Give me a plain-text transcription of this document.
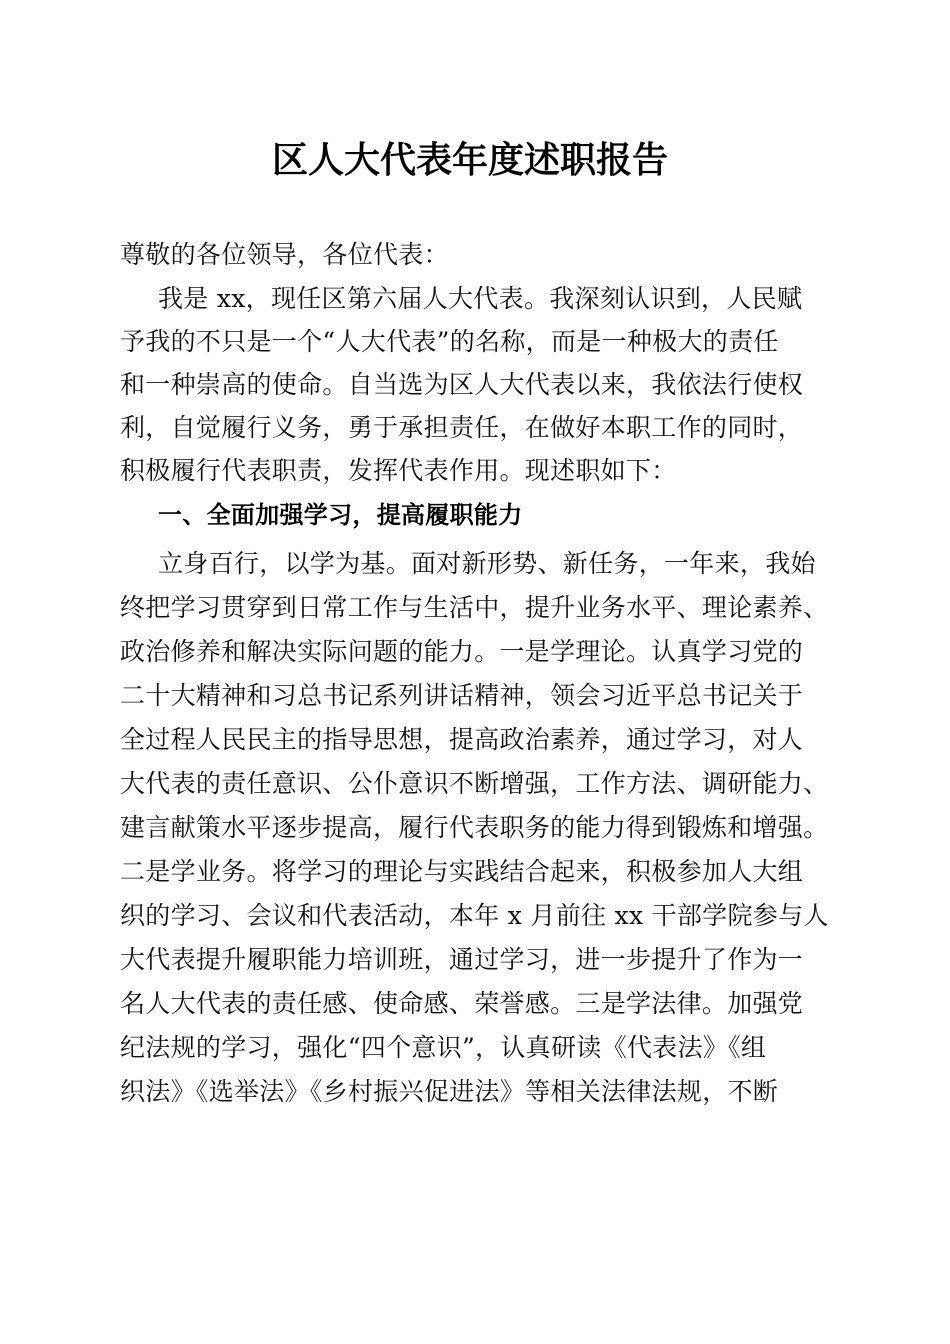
区人大代表年度述职报告
尊敬的各位领导，各位代表：
我是 xx，现任区第六届人大代表。我深刻认识到，人民赋
予我的不只是一个“人大代表”的名称，而是一种极大的责任
和一种崇高的使命。自当选为区人大代表以来，我依法行使权
利，自觉履行义务，勇于承担责任，在做好本职工作的同时，
积极履行代表职责，发挥代表作用。现述职如下：
一、全面加强学习，提高履职能力
立身百行，以学为基。面对新形势、新任务，一年来，我始
终把学习贯穿到日常工作与生活中，提升业务水平、理论素养、
政治修养和解决实际问题的能力。一是学理论。认真学习党的
二十大精神和习总书记系列讲话精神，领会习近平总书记关于
全过程人民民主的指导思想，提高政治素养，通过学习，对人
大代表的责任意识、公仆意识不断增强，工作方法、调研能力、
建言献策水平逐步提高，履行代表职务的能力得到锻炼和增强。
二是学业务。将学习的理论与实践结合起来，积极参加人大组
织的学习、会议和代表活动，本年 x 月前往 xx 干部学院参与人
大代表提升履职能力培训班，通过学习，进一步提升了作为一
名人大代表的责任感、使命感、荣誉感。三是学法律。加强党
纪法规的学习，强化“四个意识”，认真研读《代表法》《组
织法》《选举法》《乡村振兴促进法》等相关法律法规，不断
